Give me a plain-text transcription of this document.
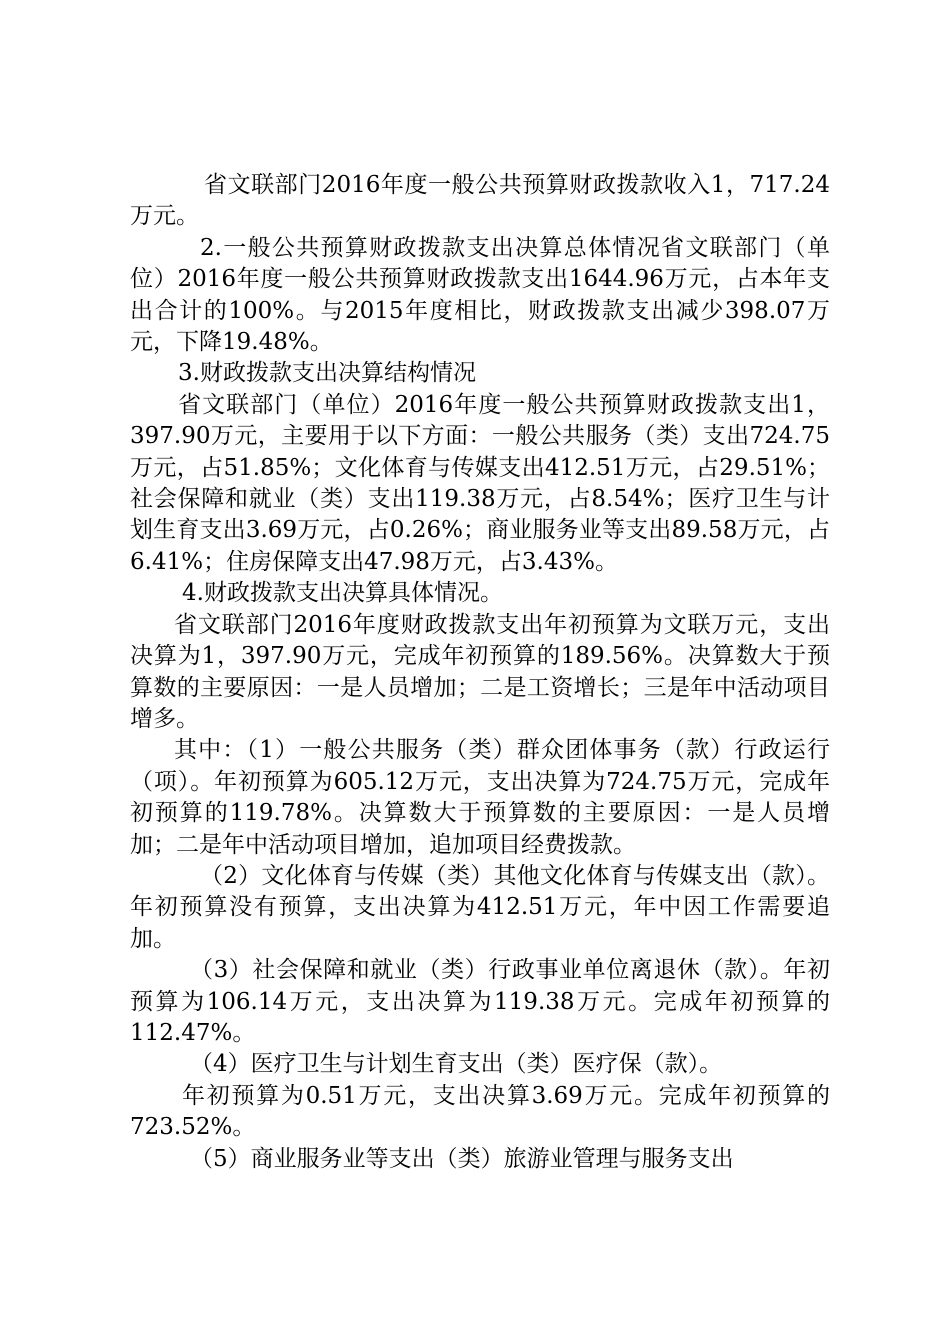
省文联部门2016年度一般公共预算财政拨款收入1，717.24万元。

2.一般公共预算财政拨款支出决算总体情况省文联部门（单位）2016年度一般公共预算财政拨款支出1644.96万元，占本年支出合计的100%。与2015年度相比，财政拨款支出减少398.07万元，下降19.48%。

3.财政拨款支出决算结构情况

省文联部门（单位）2016年度一般公共预算财政拨款支出1，397.90万元，主要用于以下方面：一般公共服务（类）支出724.75万元，占51.85%；文化体育与传媒支出412.51万元，占29.51%；社会保障和就业（类）支出119.38万元，占8.54%；医疗卫生与计划生育支出3.69万元，占0.26%；商业服务业等支出89.58万元，占6.41%；住房保障支出47.98万元，占3.43%。

4.财政拨款支出决算具体情况。

省文联部门2016年度财政拨款支出年初预算为文联万元，支出决算为1，397.90万元，完成年初预算的189.56%。决算数大于预算数的主要原因：一是人员增加；二是工资增长；三是年中活动项目增多。

其中：（1）一般公共服务（类）群众团体事务（款）行政运行（项）。年初预算为605.12万元，支出决算为724.75万元，完成年初预算的119.78%。决算数大于预算数的主要原因：一是人员增加；二是年中活动项目增加，追加项目经费拨款。

（2）文化体育与传媒（类）其他文化体育与传媒支出（款）。年初预算没有预算，支出决算为412.51万元，年中因工作需要追加。

（3）社会保障和就业（类）行政事业单位离退休（款）。年初预算为106.14万元，支出决算为119.38万元。完成年初预算的112.47%。

（4）医疗卫生与计划生育支出（类）医疗保（款）。

年初预算为0.51万元，支出决算3.69万元。完成年初预算的723.52%。

（5）商业服务业等支出（类）旅游业管理与服务支出
